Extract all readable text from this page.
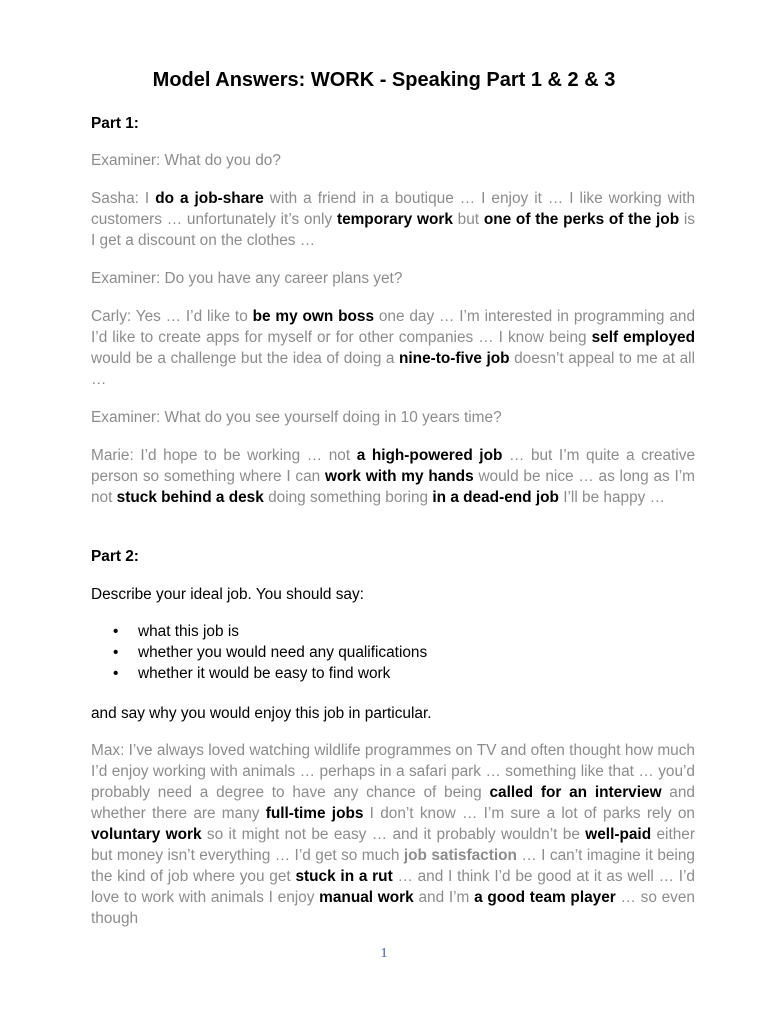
Model Answers: WORK - Speaking Part 1 & 2 & 3
Part 1:
Examiner: What do you do?
Sasha: I do a job-share with a friend in a boutique … I enjoy it … I like working with customers … unfortunately it’s only temporary work but one of the perks of the job is I get a discount on the clothes …
Examiner: Do you have any career plans yet?
Carly: Yes … I’d like to be my own boss one day … I’m interested in programming and I’d like to create apps for myself or for other companies … I know being self employed would be a challenge but the idea of doing a nine-to-five job doesn’t appeal to me at all …
Examiner: What do you see yourself doing in 10 years time?
Marie: I’d hope to be working … not a high-powered job … but I’m quite a creative person so something where I can work with my hands would be nice … as long as I’m not stuck behind a desk doing something boring in a dead-end job I’ll be happy …
Part 2:
Describe your ideal job. You should say:
• what this job is
• whether you would need any qualifications
• whether it would be easy to find work
and say why you would enjoy this job in particular.
Max: I’ve always loved watching wildlife programmes on TV and often thought how much I’d enjoy working with animals … perhaps in a safari park … something like that … you’d probably need a degree to have any chance of being called for an interview and whether there are many full-time jobs I don’t know … I’m sure a lot of parks rely on voluntary work so it might not be easy … and it probably wouldn’t be well-paid either but money isn’t everything … I’d get so much job satisfaction … I can’t imagine it being the kind of job where you get stuck in a rut … and I think I’d be good at it as well … I’d love to work with animals I enjoy manual work and I’m a good team player … so even though
1
